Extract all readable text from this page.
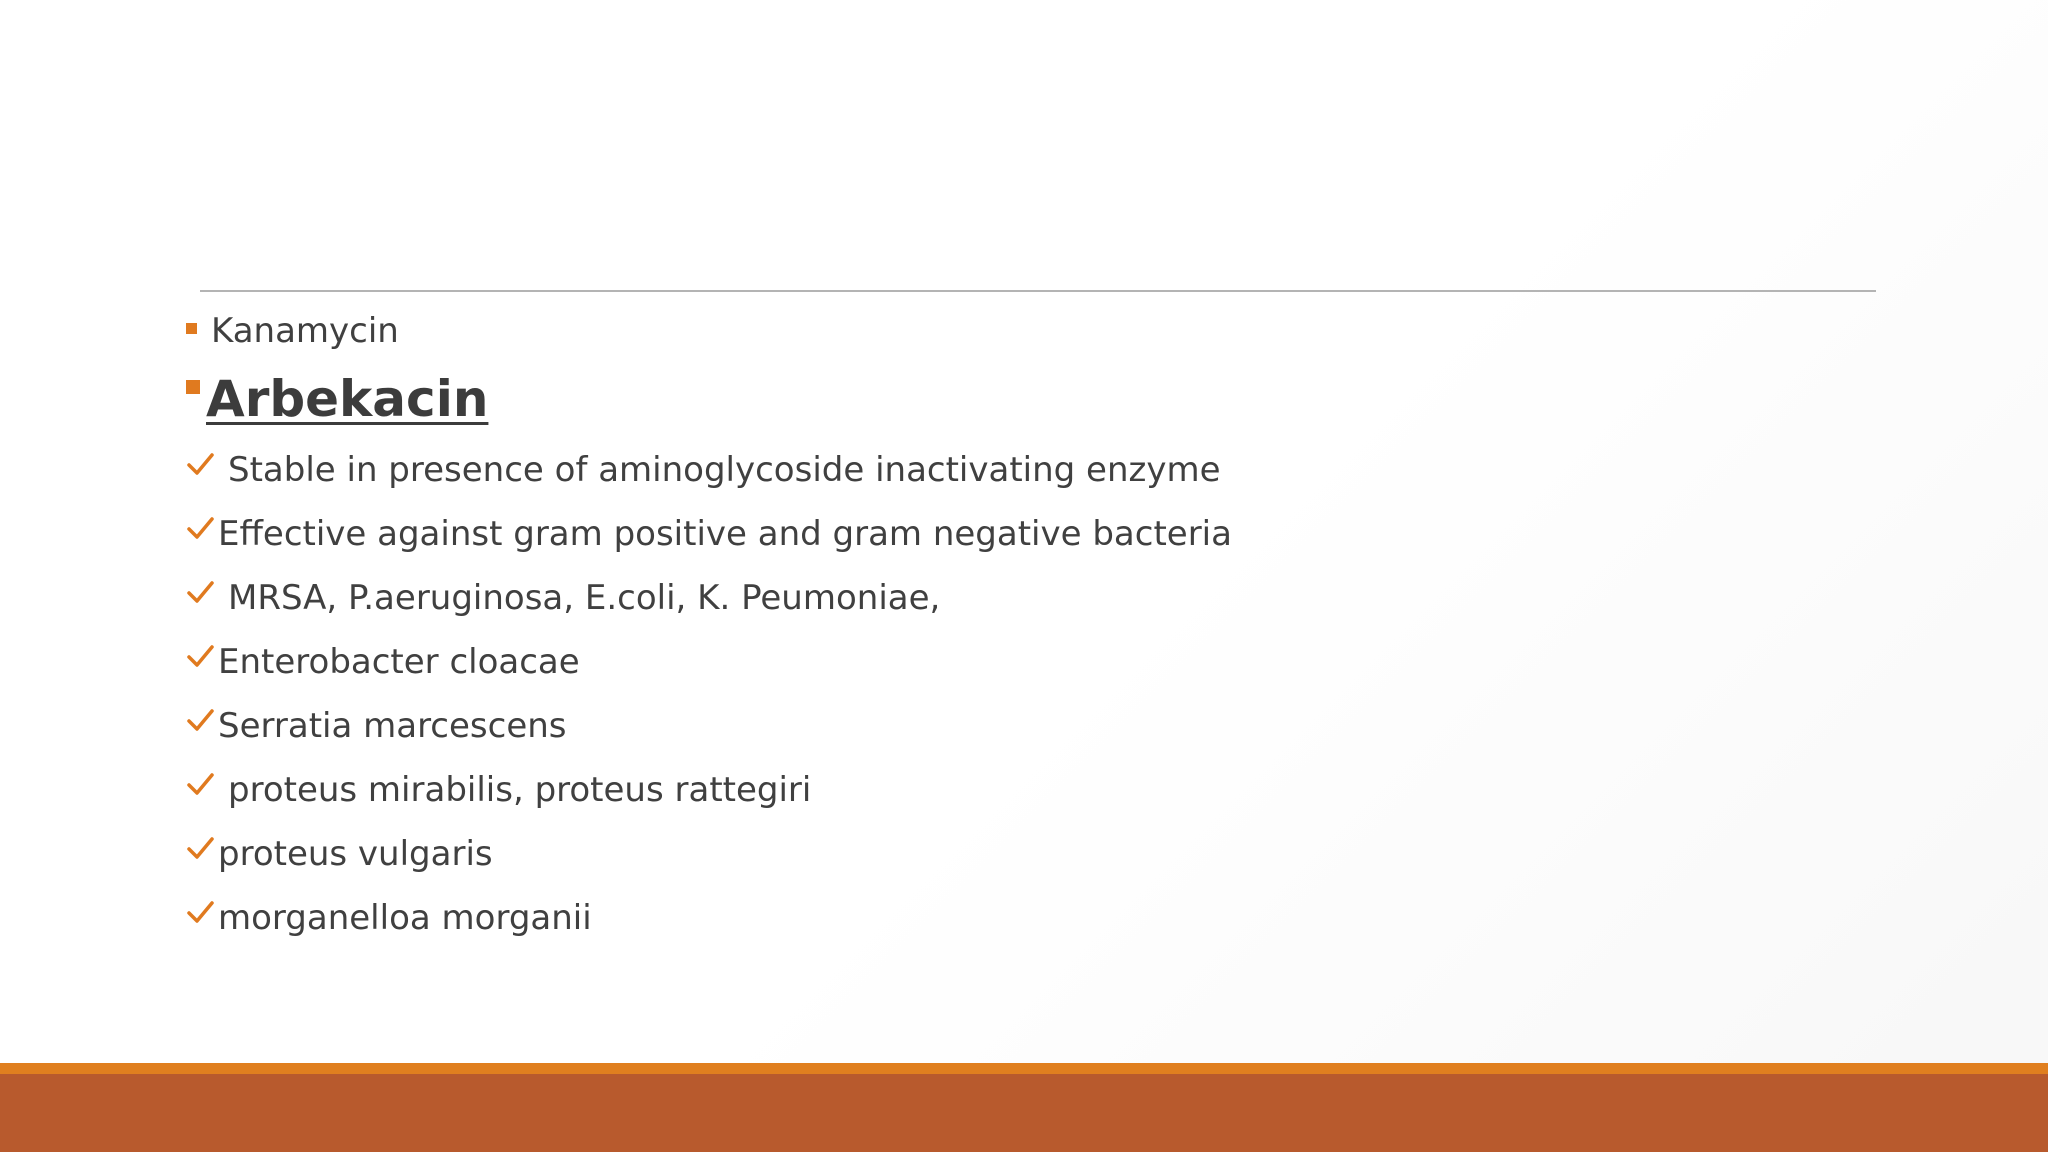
Kanamycin
Arbekacin
Stable in presence of aminoglycoside inactivating enzyme
Effective against gram positive and gram negative bacteria
MRSA, P.aeruginosa, E.coli, K. Peumoniae,
Enterobacter cloacae
Serratia marcescens
proteus mirabilis, proteus rattegiri
proteus vulgaris
morganelloa morganii
